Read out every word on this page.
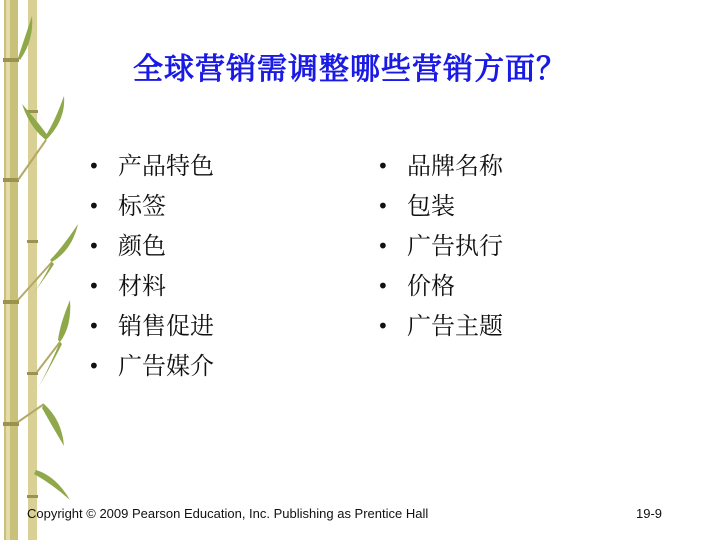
全球营销需调整哪些营销方面？
• 产品特色
• 标签
• 颜色
• 材料
• 销售促进
• 广告媒介
• 品牌名称
• 包装
• 广告执行
• 价格
• 广告主题
Copyright © 2009 Pearson Education, Inc. Publishing as Prentice Hall	19-9
